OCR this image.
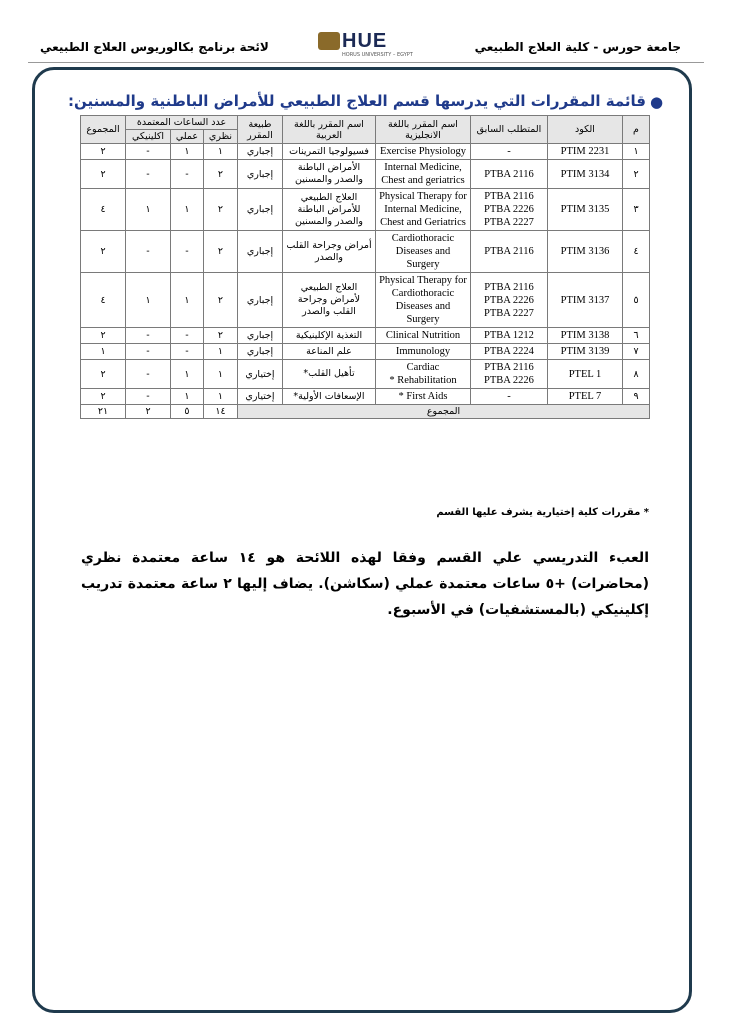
جامعة حورس - كلية العلاج الطبيعي
HUE
HORUS UNIVERSITY – EGYPT
لائحة برنامج بكالوريوس العلاج الطبيعي
●
قائمة المقررات التي يدرسها قسم العلاج الطبيعي للأمراض الباطنية والمسنين:
م	الكود	المتطلب السابق	اسم المقرر باللغة الانجليزية	اسم المقرر باللغة العربية	طبيعة المقرر	عدد الساعات المعتمدة			المجموع
						نظري	عملي	اكلينيكي	
١	PTIM 2231	-	Exercise Physiology	فسيولوجيا التمرينات	إجباري	١	١	-	٢
٢	PTIM 3134	PTBA 2116	Internal Medicine, Chest and geriatrics	الأمراض الباطنة والصدر والمسنين	إجباري	٢	-	-	٢
٣	PTIM 3135	PTBA 2116
PTBA 2226
PTBA 2227	Physical Therapy for Internal Medicine, Chest and Geriatrics	العلاج الطبيعي للأمراض الباطنة والصدر والمسنين	إجباري	٢	١	١	٤
٤	PTIM 3136	PTBA 2116	Cardiothoracic Diseases and Surgery	أمراض وجراحة القلب والصدر	إجباري	٢	-	-	٢
٥	PTIM 3137	PTBA 2116
PTBA 2226
PTBA 2227	Physical Therapy for Cardiothoracic Diseases and Surgery	العلاج الطبيعي لأمراض وجراحة القلب والصدر	إجباري	٢	١	١	٤
٦	PTIM 3138	PTBA 1212	Clinical Nutrition	التغذية الإكلينيكية	إجباري	٢	-	-	٢
٧	PTIM 3139	PTBA 2224	Immunology	علم المناعة	إجباري	١	-	-	١
٨	PTEL 1	PTBA 2116
PTBA 2226	Cardiac Rehabilitation *	تأهيل القلب*	إختياري	١	١	-	٢
٩	PTEL 7	-	First Aids *	الإسعافات الأولية*	إختياري	١	١	-	٢
المجموع						١٤	٥	٢	٢١
* مقررات كلية إختيارية يشرف عليها القسم
العبء التدريسي علي القسم وفقا لهذه اللائحة هو ١٤ ساعة معتمدة نظري (محاضرات) +٥ ساعات معتمدة عملي (سكاشن). يضاف إليها ٢ ساعة معتمدة تدريب إكلينيكي (بالمستشفيات) في الأسبوع.
